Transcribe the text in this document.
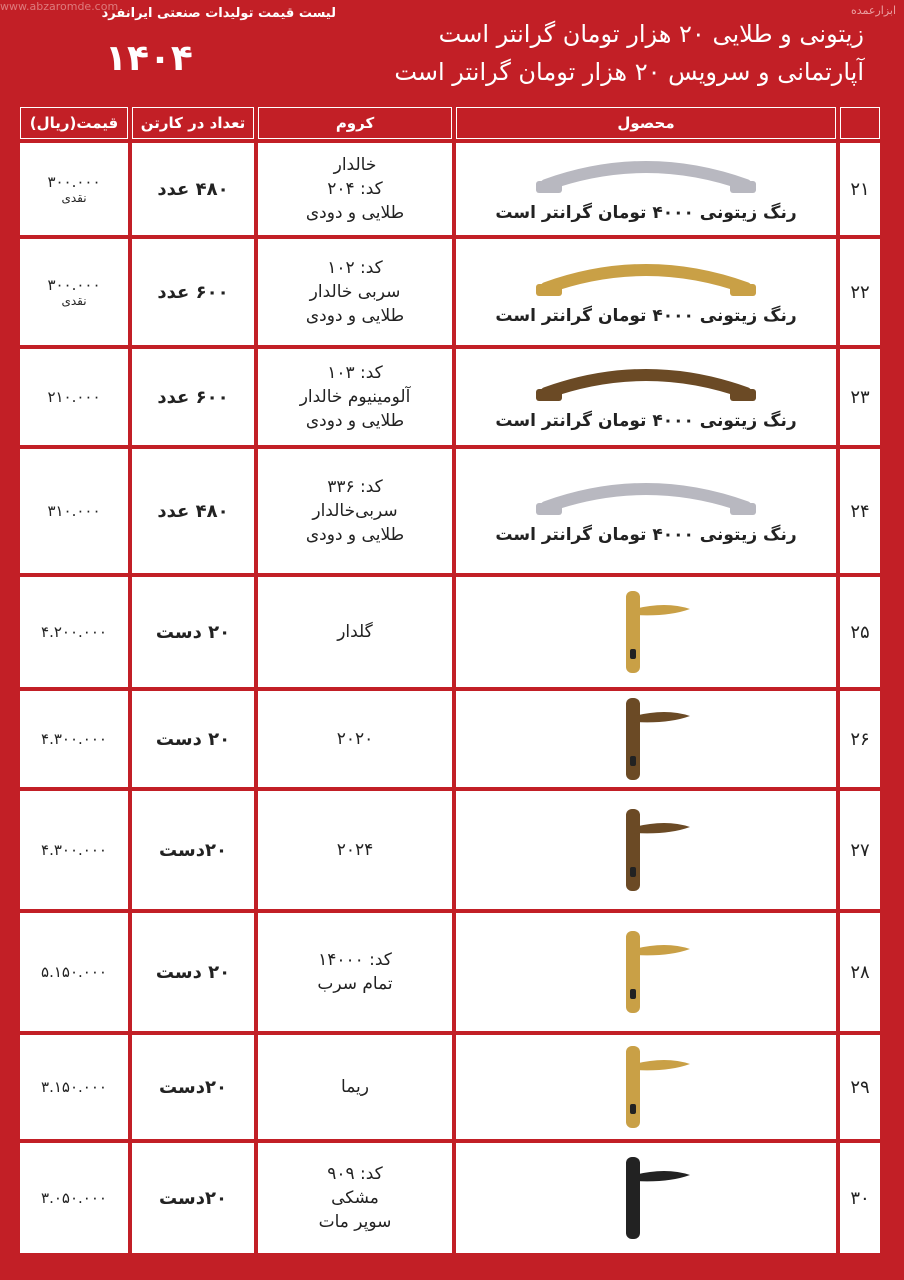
www.abzaromde.com
لیست قیمت تولیدات صنعتی ایرانفرد
۱۴۰۴
ابزارعمده
زیتونی و طلایی ۲۰ هزار تومان گرانتر است
آپارتمانی و سرویس ۲۰ هزار تومان گرانتر است
	محصول	کروم	تعداد در کارتن	قیمت(ریال)
۲۱	رنگ زیتونی ۴۰۰۰ تومان گرانتر است	خالدار
کد: ۲۰۴
طلایی و دودی	۴۸۰ عدد	۳۰۰.۰۰۰
نقدی

۲۲	رنگ زیتونی ۴۰۰۰ تومان گرانتر است	کد: ۱۰۲
سربی خالدار
طلایی و دودی	۶۰۰ عدد	۳۰۰.۰۰۰
نقدی

۲۳	رنگ زیتونی ۴۰۰۰ تومان گرانتر است	کد: ۱۰۳
آلومینیوم خالدار
طلایی و دودی	۶۰۰ عدد	۲۱۰.۰۰۰

۲۴	رنگ زیتونی ۴۰۰۰ تومان گرانتر است	کد: ۳۳۶
سربی‌خالدار
طلایی و دودی	۴۸۰ عدد	۳۱۰.۰۰۰

۲۵		گلدار	۲۰ دست	۴.۲۰۰.۰۰۰

۲۶		۲۰۲۰	۲۰ دست	۴.۳۰۰.۰۰۰

۲۷		۲۰۲۴	۲۰دست	۴.۳۰۰.۰۰۰

۲۸		کد: ۱۴۰۰۰
تمام سرب	۲۰ دست	۵.۱۵۰.۰۰۰

۲۹		ریما	۲۰دست	۳.۱۵۰.۰۰۰

۳۰		کد: ۹۰۹
مشکی
سوپر مات	۲۰دست	۳.۰۵۰.۰۰۰
